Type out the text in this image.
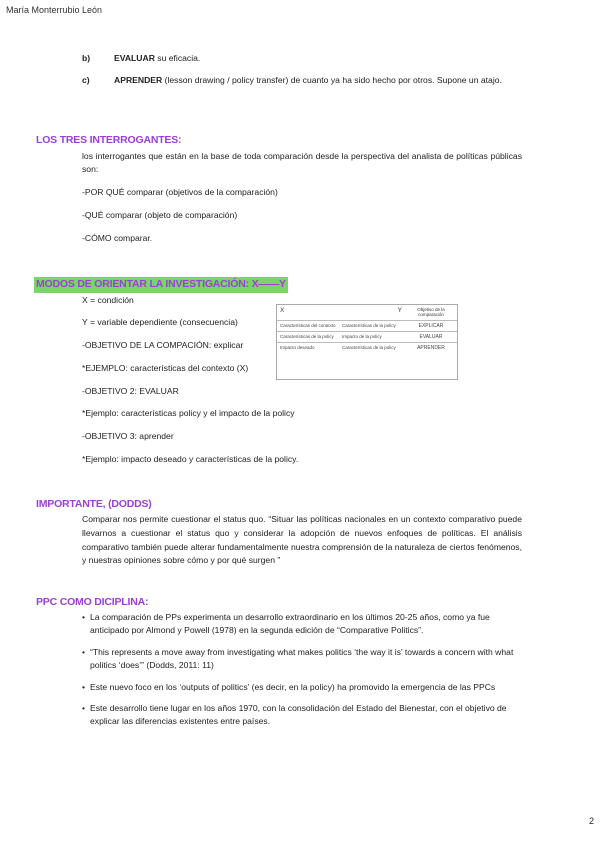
María Monterrubio León
b)	EVALUAR su eficacia.
c)	APRENDER (lesson drawing / policy transfer) de cuanto ya ha sido hecho por otros. Supone un atajo.
LOS TRES INTERROGANTES:
los interrogantes que están en la base de toda comparación desde la perspectiva del analista de políticas públicas son:
-POR QUÉ comparar (objetivos de la comparación)
-QUÉ comparar (objeto de comparación)
-CÓMO comparar.
MODOS DE ORIENTAR LA INVESTIGACIÓN: X——Y
X = condición
Y = variable dependiente (consecuencia)
-OBJETIVO DE LA COMPACIÓN: explicar
*EJEMPLO: características del contexto (X)
-OBJETIVO 2: EVALUAR
*Ejemplo: características policy y el impacto de la policy
-OBJETIVO 3: aprender
*Ejemplo: impacto deseado y características de la policy.
X	Y	Objetivo de la comparación
Características del contexto	Características de la policy	EXPLICAR
Características de la policy	Impacto de la policy	EVALUAR
Impacto deseado	Características de la policy	APRENDER
IMPORTANTE, (DODDS)
Comparar nos permite cuestionar el status quo. “Situar las políticas nacionales en un contexto comparativo puede llevarnos a cuestionar el status quo y considerar la adopción de nuevos enfoques de políticas. El análisis comparativo también puede alterar fundamentalmente nuestra comprensión de la naturaleza de ciertos fenómenos, y nuestras opiniones sobre cómo y por qué surgen ”
PPC COMO DICIPLINA:
• La comparación de PPs experimenta un desarrollo extraordinario en los últimos 20-25 años, como ya fue anticipado por Almond y Powell (1978) en la segunda edición de “Comparative Politics”.
• “This represents a move away from investigating what makes politics ‘the way it is’ towards a concern with what politics ‘does’” (Dodds, 2011: 11)
• Este nuevo foco en los ‘outputs of politics’ (es decir, en la policy) ha promovido la emergencia de las PPCs
• Este desarrollo tiene lugar en los años 1970, con la consolidación del Estado del Bienestar, con el objetivo de explicar las diferencias existentes entre países.
2
